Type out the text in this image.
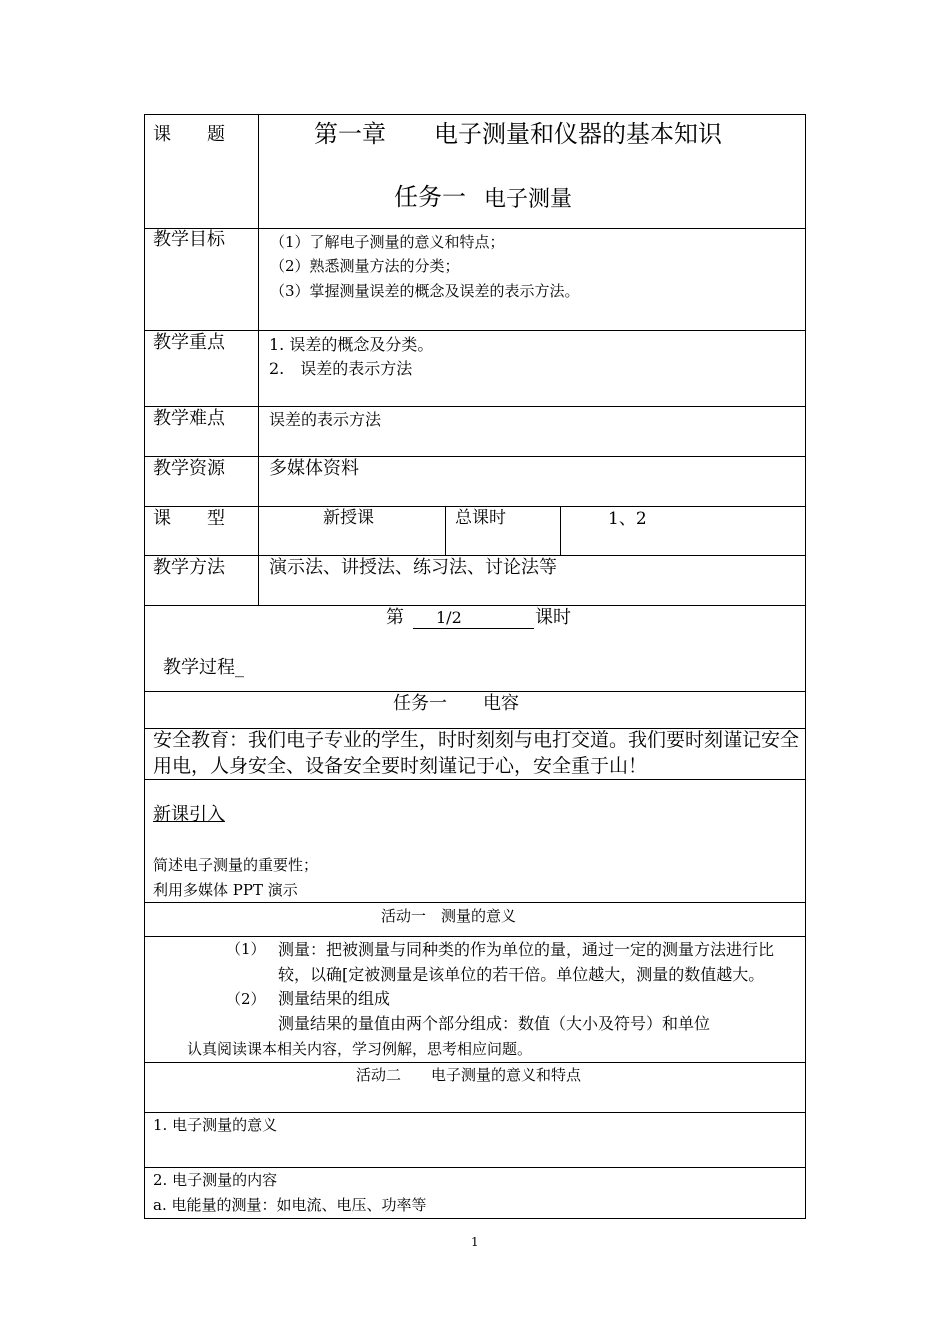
课　　题	第一章　　电子测量和仪器的基本知识
任务一 电子测量
教学目标	（1）了解电子测量的意义和特点；
（2）熟悉测量方法的分类；
（3）掌握测量误差的概念及误差的表示方法。
教学重点	1. 误差的概念及分类。
2.　误差的表示方法
教学难点	误差的表示方法
教学资源 多媒体资料
课　　型	新授课	总课时	1、2
教学方法 演示法、讲授法、练习法、讨论法等
第 1/2	课时
教学过程_
任务一　　电容
安全教育：我们电子专业的学生，时时刻刻与电打交道。我们要时刻谨记安全
用电，人身安全、设备安全要时刻谨记于心，安全重于山！
新课引入
简述电子测量的重要性；
利用多媒体 PPT 演示
活动一　测量的意义
（1） 测量：把被测量与同种类的作为单位的量，通过一定的测量方法进行比
较，以确[定被测量是该单位的若干倍。单位越大，测量的数值越大。
（2） 测量结果的组成
测量结果的量值由两个部分组成：数值（大小及符号）和单位
认真阅读课本相关内容，学习例解，思考相应问题。
活动二　　电子测量的意义和特点
1. 电子测量的意义
2. 电子测量的内容
a. 电能量的测量：如电流、电压、功率等
1
